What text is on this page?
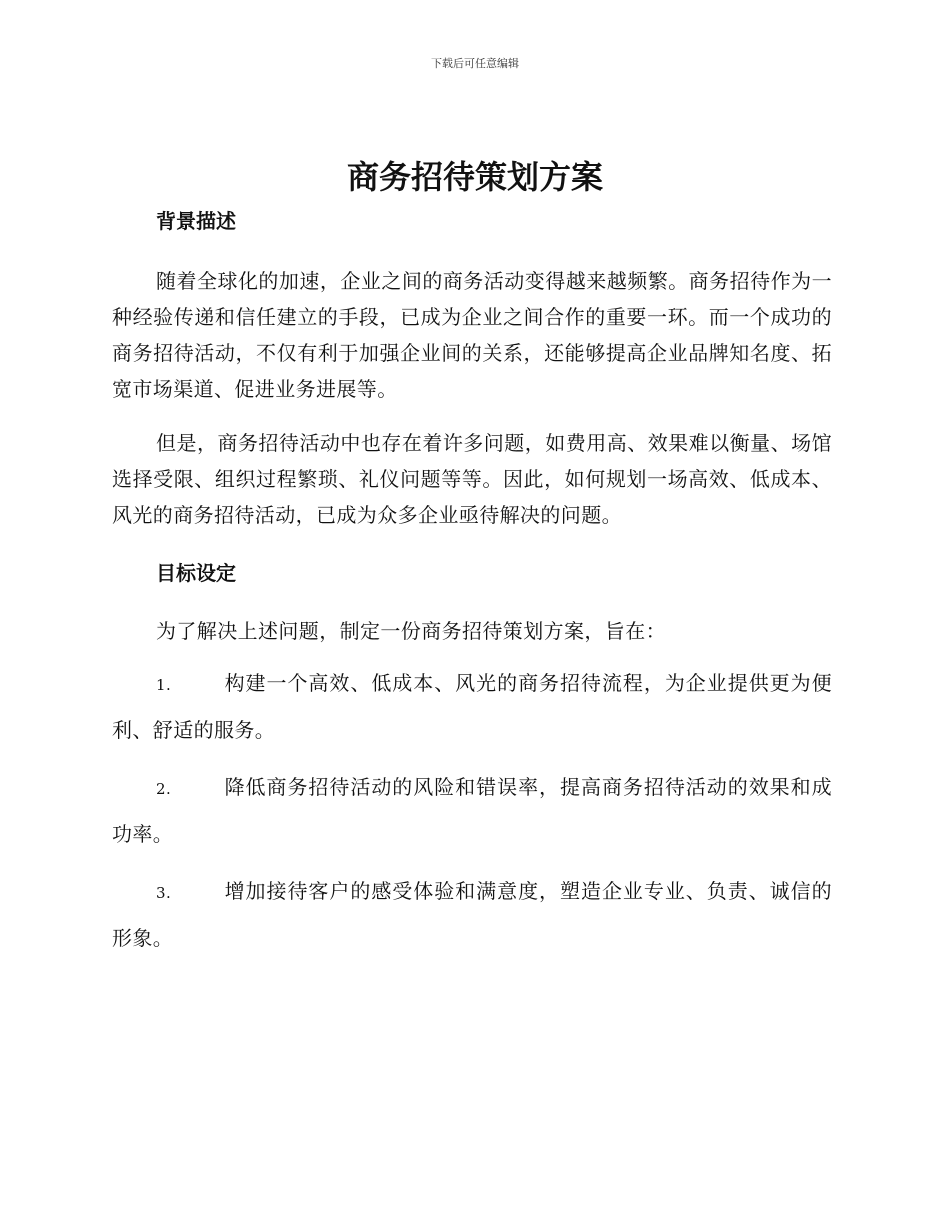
下载后可任意编辑
商务招待策划方案
背景描述

随着全球化的加速，企业之间的商务活动变得越来越频繁。商务招待作为一种经验传递和信任建立的手段，已成为企业之间合作的重要一环。而一个成功的商务招待活动，不仅有利于加强企业间的关系，还能够提高企业品牌知名度、拓宽市场渠道、促进业务进展等。

但是，商务招待活动中也存在着许多问题，如费用高、效果难以衡量、场馆选择受限、组织过程繁琐、礼仪问题等等。因此，如何规划一场高效、低成本、风光的商务招待活动，已成为众多企业亟待解决的问题。

目标设定

为了解决上述问题，制定一份商务招待策划方案，旨在：

1.	构建一个高效、低成本、风光的商务招待流程，为企业提供更为便利、舒适的服务。

2.	降低商务招待活动的风险和错误率，提高商务招待活动的效果和成功率。

3.	增加接待客户的感受体验和满意度，塑造企业专业、负责、诚信的形象。
